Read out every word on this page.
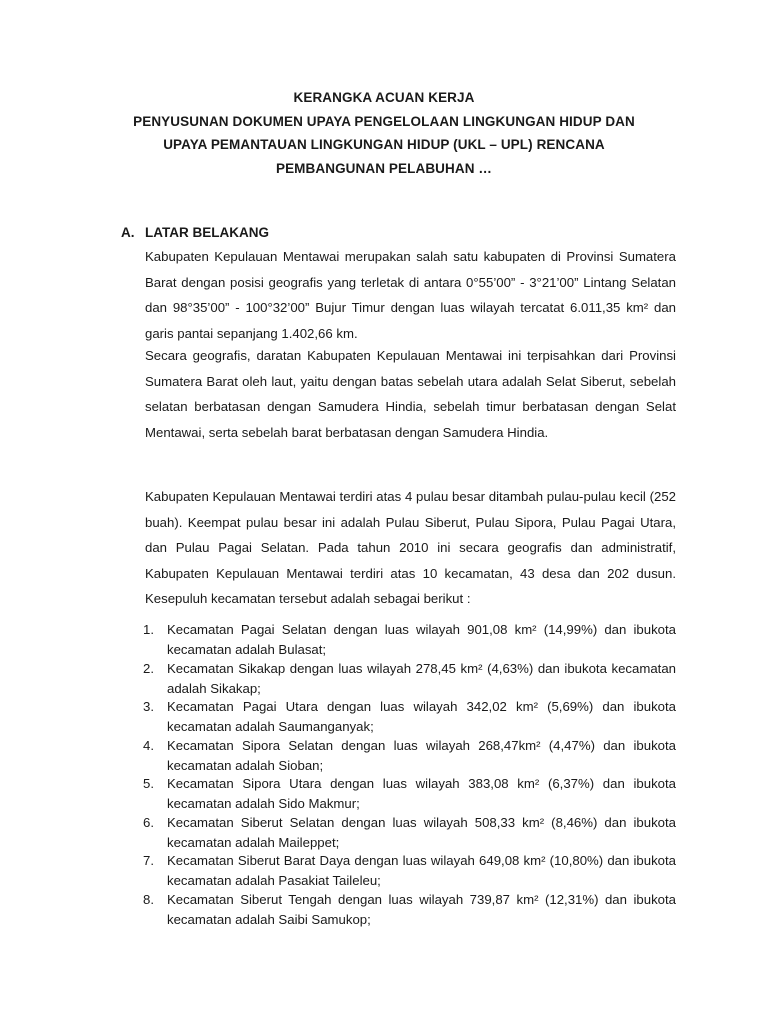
KERANGKA ACUAN KERJA
PENYUSUNAN DOKUMEN UPAYA PENGELOLAAN LINGKUNGAN HIDUP DAN
UPAYA PEMANTAUAN LINGKUNGAN HIDUP (UKL – UPL) RENCANA
PEMBANGUNAN PELABUHAN …
A. LATAR BELAKANG

Kabupaten Kepulauan Mentawai merupakan salah satu kabupaten di Provinsi Sumatera Barat dengan posisi geografis yang terletak di antara 0°55’00” - 3°21’00” Lintang Selatan dan 98°35’00” - 100°32’00” Bujur Timur dengan luas wilayah tercatat 6.011,35 km² dan garis pantai sepanjang 1.402,66 km.

Secara geografis, daratan Kabupaten Kepulauan Mentawai ini terpisahkan dari Provinsi Sumatera Barat oleh laut, yaitu dengan batas sebelah utara adalah Selat Siberut, sebelah selatan berbatasan dengan Samudera Hindia, sebelah timur berbatasan dengan Selat Mentawai, serta sebelah barat berbatasan dengan Samudera Hindia.

Kabupaten Kepulauan Mentawai terdiri atas 4 pulau besar ditambah pulau-pulau kecil (252 buah). Keempat pulau besar ini adalah Pulau Siberut, Pulau Sipora, Pulau Pagai Utara, dan Pulau Pagai Selatan. Pada tahun 2010 ini secara geografis dan administratif, Kabupaten Kepulauan Mentawai terdiri atas 10 kecamatan, 43 desa dan 202 dusun. Kesepuluh kecamatan tersebut adalah sebagai berikut :

1. Kecamatan Pagai Selatan dengan luas wilayah 901,08 km² (14,99%) dan ibukota kecamatan adalah Bulasat;
2. Kecamatan Sikakap dengan luas wilayah 278,45 km² (4,63%) dan ibukota kecamatan adalah Sikakap;
3. Kecamatan Pagai Utara dengan luas wilayah 342,02 km² (5,69%) dan ibukota kecamatan adalah Saumanganyak;
4. Kecamatan Sipora Selatan dengan luas wilayah 268,47km² (4,47%) dan ibukota kecamatan adalah Sioban;
5. Kecamatan Sipora Utara dengan luas wilayah 383,08 km² (6,37%) dan ibukota kecamatan adalah Sido Makmur;
6. Kecamatan Siberut Selatan dengan luas wilayah 508,33 km² (8,46%) dan ibukota kecamatan adalah Maileppet;
7. Kecamatan Siberut Barat Daya dengan luas wilayah 649,08 km² (10,80%) dan ibukota kecamatan adalah Pasakiat Taileleu;
8. Kecamatan Siberut Tengah dengan luas wilayah 739,87 km² (12,31%) dan ibukota kecamatan adalah Saibi Samukop;
